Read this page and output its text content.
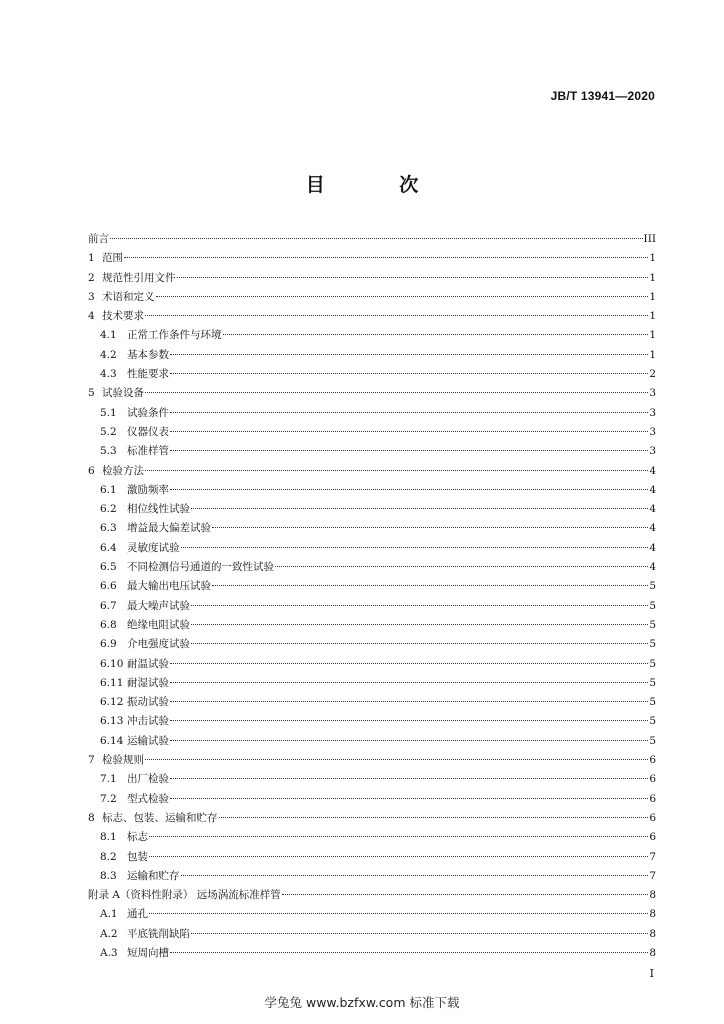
JB/T 13941—2020
目 次
前言	III
1 范围	1
2 规范性引用文件	1
3 术语和定义	1
4 技术要求	1
4.1 正常工作条件与环境	1
4.2 基本参数	1
4.3 性能要求	2
5 试验设备	3
5.1 试验条件	3
5.2 仪器仪表	3
5.3 标准样管	3
6 检验方法	4
6.1 激励频率	4
6.2 相位线性试验	4
6.3 增益最大偏差试验	4
6.4 灵敏度试验	4
6.5 不同检测信号通道的一致性试验	4
6.6 最大输出电压试验	5
6.7 最大噪声试验	5
6.8 绝缘电阻试验	5
6.9 介电强度试验	5
6.10 耐温试验	5
6.11 耐湿试验	5
6.12 振动试验	5
6.13 冲击试验	5
6.14 运输试验	5
7 检验规则	6
7.1 出厂检验	6
7.2 型式检验	6
8 标志、包装、运输和贮存	6
8.1 标志	6
8.2 包装	7
8.3 运输和贮存	7
附录 A（资料性附录） 远场涡流标准样管	8
A.1 通孔	8
A.2 平底铣削缺陷	8
A.3 短周向槽	8
I
学兔兔 www.bzfxw.com 标准下载
